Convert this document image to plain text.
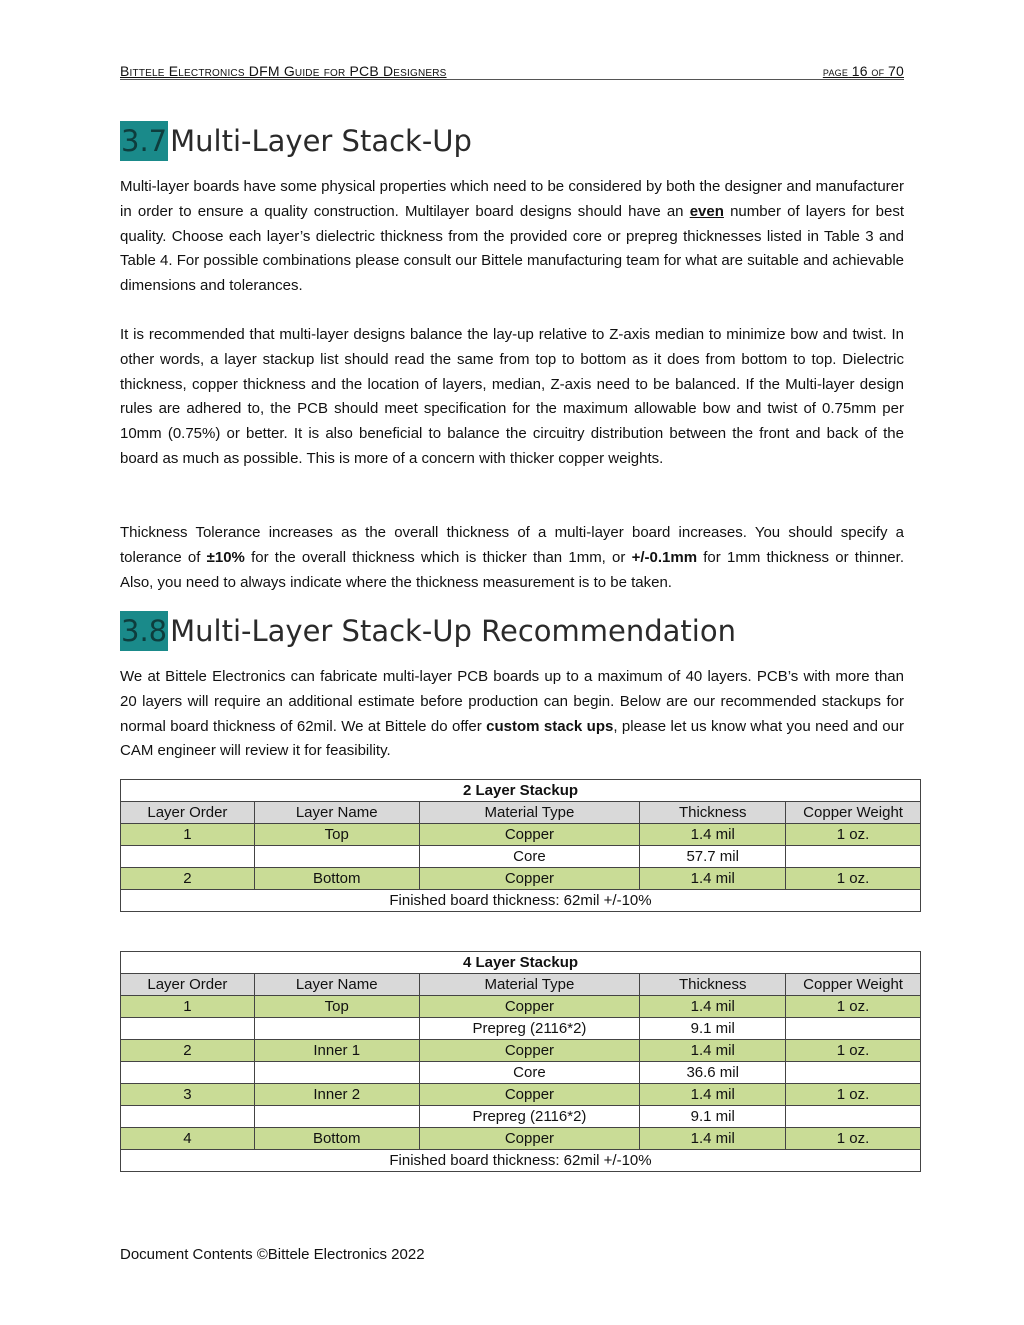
Bittele Electronics DFM Guide for PCB Designers	page 16 of 70
3.7 Multi-Layer Stack-Up
Multi-layer boards have some physical properties which need to be considered by both the designer and manufacturer in order to ensure a quality construction. Multilayer board designs should have an even number of layers for best quality. Choose each layer’s dielectric thickness from the provided core or prepreg thicknesses listed in Table 3 and Table 4. For possible combinations please consult our Bittele manufacturing team for what are suitable and achievable dimensions and tolerances.
It is recommended that multi-layer designs balance the lay-up relative to Z-axis median to minimize bow and twist. In other words, a layer stackup list should read the same from top to bottom as it does from bottom to top. Dielectric thickness, copper thickness and the location of layers, median, Z-axis need to be balanced. If the Multi-layer design rules are adhered to, the PCB should meet specification for the maximum allowable bow and twist of 0.75mm per 10mm (0.75%) or better. It is also beneficial to balance the circuitry distribution between the front and back of the board as much as possible. This is more of a concern with thicker copper weights.
Thickness Tolerance increases as the overall thickness of a multi-layer board increases. You should specify a tolerance of ±10% for the overall thickness which is thicker than 1mm, or +/-0.1mm for 1mm thickness or thinner. Also, you need to always indicate where the thickness measurement is to be taken.
3.8 Multi-Layer Stack-Up Recommendation
We at Bittele Electronics can fabricate multi-layer PCB boards up to a maximum of 40 layers. PCB’s with more than 20 layers will require an additional estimate before production can begin. Below are our recommended stackups for normal board thickness of 62mil. We at Bittele do offer custom stack ups, please let us know what you need and our CAM engineer will review it for feasibility.
2 Layer Stackup				
Layer Order	Layer Name	Material Type	Thickness	Copper Weight
1	Top	Copper	1.4 mil	1 oz.
		Core	57.7 mil	
2	Bottom	Copper	1.4 mil	1 oz.
Finished board thickness: 62mil +/-10%				
4 Layer Stackup				
Layer Order	Layer Name	Material Type	Thickness	Copper Weight
1	Top	Copper	1.4 mil	1 oz.
		Prepreg (2116*2)	9.1 mil	
2	Inner 1	Copper	1.4 mil	1 oz.
		Core	36.6 mil	
3	Inner 2	Copper	1.4 mil	1 oz.
		Prepreg (2116*2)	9.1 mil	
4	Bottom	Copper	1.4 mil	1 oz.
Finished board thickness: 62mil +/-10%				
Document Contents ©Bittele Electronics 2022
